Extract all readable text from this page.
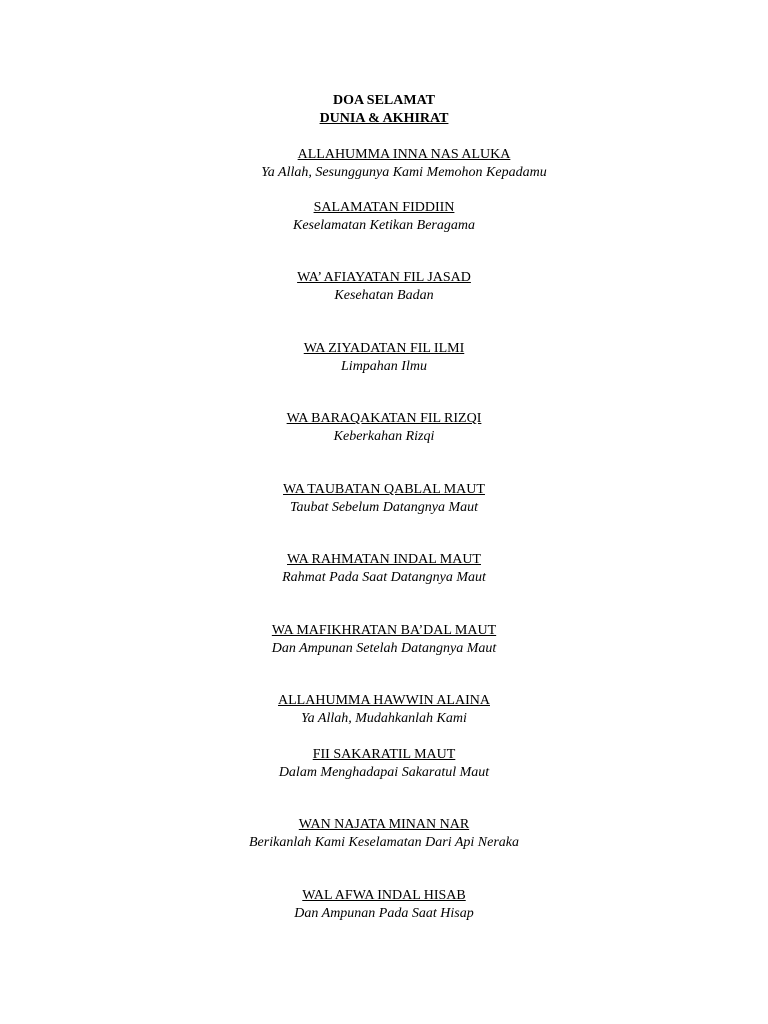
DOA SELAMAT
DUNIA & AKHIRAT
ALLAHUMMA INNA NAS ALUKA
Ya Allah, Sesunggunya Kami Memohon Kepadamu
SALAMATAN FIDDIIN
Keselamatan Ketikan Beragama
WA’ AFIAYATAN FIL JASAD
Kesehatan Badan
WA ZIYADATAN FIL ILMI
Limpahan Ilmu
WA BARAQAKATAN FIL RIZQI
Keberkahan Rizqi
WA TAUBATAN QABLAL MAUT
Taubat Sebelum Datangnya Maut
WA RAHMATAN INDAL MAUT
Rahmat Pada Saat Datangnya Maut
WA MAFIKHRATAN BA’DAL MAUT
Dan Ampunan Setelah Datangnya Maut
ALLAHUMMA HAWWIN ALAINA
Ya Allah, Mudahkanlah Kami
FII SAKARATIL MAUT
Dalam Menghadapai Sakaratul Maut
WAN NAJATA MINAN NAR
Berikanlah Kami Keselamatan Dari Api Neraka
WAL AFWA INDAL HISAB
Dan Ampunan Pada Saat Hisap
